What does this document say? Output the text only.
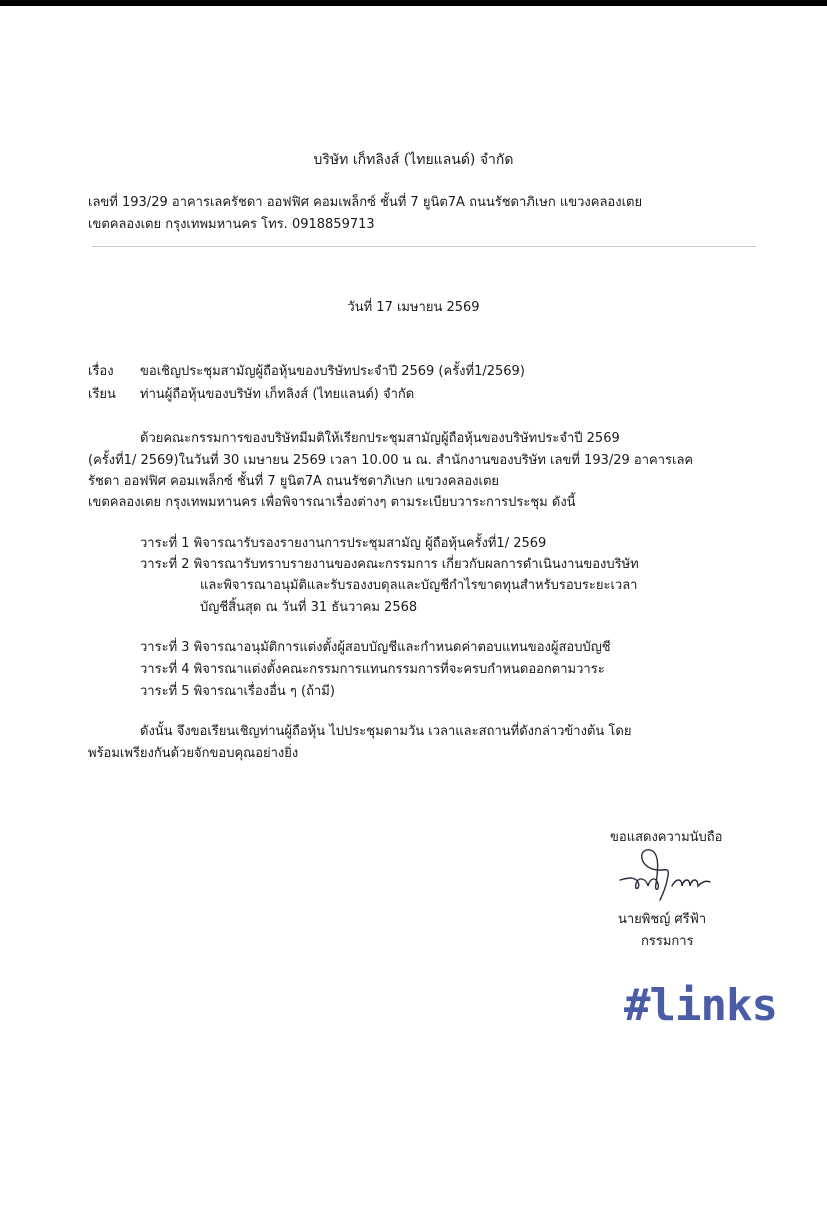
บริษัท เก็ทลิงส์ (ไทยแลนด์) จำกัด
เลขที่ 193/29 อาคารเลครัชดา ออฟฟิศ คอมเพล็กซ์ ชั้นที่ 7 ยูนิต7A ถนนรัชดาภิเษก แขวงคลองเตย
เขตคลองเตย กรุงเทพมหานคร โทร. 0918859713
วันที่ 17 เมษายน 2569
เรื่อง ขอเชิญประชุมสามัญผู้ถือหุ้นของบริษัทประจำปี 2569 (ครั้งที่1/2569)
เรียน ท่านผู้ถือหุ้นของบริษัท เก็ทลิงส์ (ไทยแลนด์) จำกัด
ด้วยคณะกรรมการของบริษัทมีมติให้เรียกประชุมสามัญผู้ถือหุ้นของบริษัทประจำปี 2569
(ครั้งที่1/ 2569)ในวันที่ 30 เมษายน 2569 เวลา 10.00 น ณ. สำนักงานของบริษัท เลขที่ 193/29 อาคารเลค
รัชดา ออฟฟิศ คอมเพล็กซ์ ชั้นที่ 7 ยูนิต7A ถนนรัชดาภิเษก แขวงคลองเตย
เขตคลองเตย กรุงเทพมหานคร เพื่อพิจารณาเรื่องต่างๆ ตามระเบียบวาระการประชุม ดังนี้
วาระที่ 1 พิจารณารับรองรายงานการประชุมสามัญ ผู้ถือหุ้นครั้งที่1/ 2569
วาระที่ 2 พิจารณารับทราบรายงานของคณะกรรมการ เกี่ยวกับผลการดำเนินงานของบริษัท
และพิจารณาอนุมัติและรับรองงบดุลและบัญชีกำไรขาดทุนสำหรับรอบระยะเวลา
บัญชีสิ้นสุด ณ วันที่ 31 ธันวาคม 2568
วาระที่ 3 พิจารณาอนุมัติการแต่งตั้งผู้สอบบัญชีและกำหนดค่าตอบแทนของผู้สอบบัญชี
วาระที่ 4 พิจารณาแต่งตั้งคณะกรรมการแทนกรรมการที่จะครบกำหนดออกตามวาระ
วาระที่ 5 พิจารณาเรื่องอื่น ๆ (ถ้ามี)
ดังนั้น จึงขอเรียนเชิญท่านผู้ถือหุ้น ไปประชุมตามวัน เวลาและสถานที่ดังกล่าวข้างต้น โดย
พร้อมเพรียงกันด้วยจักขอบคุณอย่างยิ่ง
ขอแสดงความนับถือ
นายพิชญ์ ศรีฟ้า
กรรมการ
#links
